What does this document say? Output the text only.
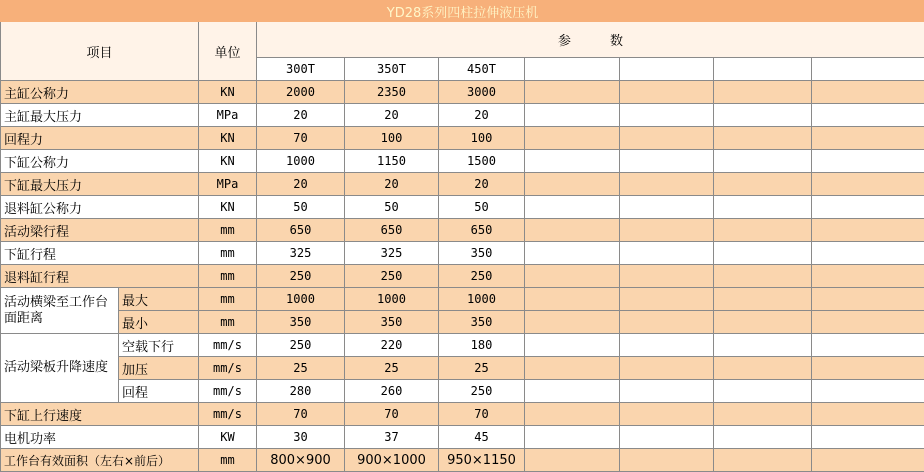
YD28系列四柱拉伸液压机									
项目		单位	参　　　数						
			300T	350T	450T				
主缸公称力		KN	2000	2350	3000				
主缸最大压力		MPa	20	20	20				
回程力		KN	70	100	100				
下缸公称力		KN	1000	1150	1500				
下缸最大压力		MPa	20	20	20				
退料缸公称力		KN	50	50	50				
活动梁行程		mm	650	650	650				
下缸行程		mm	325	325	350				
退料缸行程		mm	250	250	250				
活动横梁至工作台面距离	最大	mm	1000	1000	1000				
	最小	mm	350	350	350				
活动梁板升降速度	空载下行	mm/s	250	220	180				
	加压	mm/s	25	25	25				
	回程	mm/s	280	260	250				
下缸上行速度		mm/s	70	70	70				
电机功率		KW	30	37	45				
工作台有效面积（左右×前后）		mm	800×900	900×1000	950×1150				
